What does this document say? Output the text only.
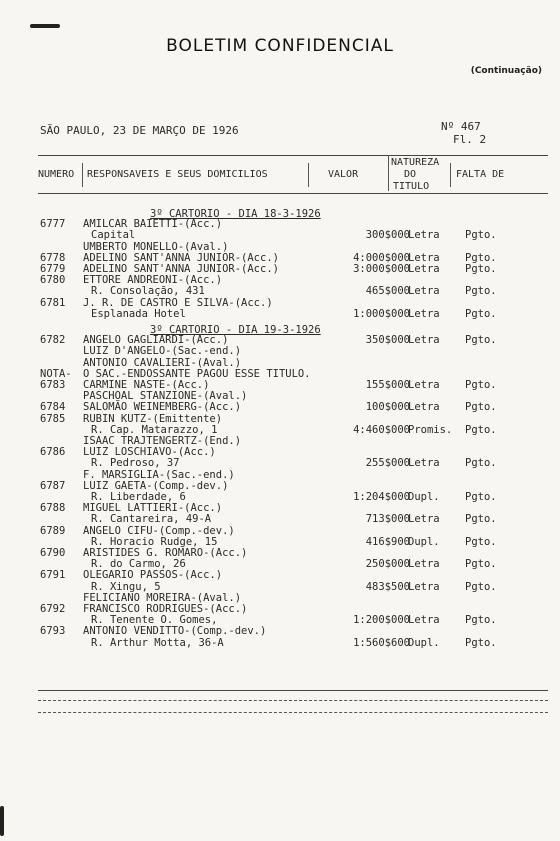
BOLETIM CONFIDENCIAL
(Continuação)
SÃO PAULO, 23 DE MARÇO DE 1926	Nº 467
Fl. 2
NUMERO RESPONSAVEIS E SEUS DOMICILIOS	VALOR
NATUREZA
DO
TITULO
FALTA DE
3º CARTORIO - DIA 18-3-1926
6777 AMILCAR BAIETTI-(Acc.)
Capital	300$000
Letra Pgto.
UMBERTO MONELLO-(Aval.)
6778 ADELINO SANT'ANNA JUNIOR-(Acc.)	4:000$000
Letra Pgto.
6779 ADELINO SANT'ANNA JUNIOR-(Acc.)	3:000$000
Letra Pgto.
6780 ETTORE ANDREONI-(Acc.)
R. Consolação, 431	465$000
Letra Pgto.
6781 J. R. DE CASTRO E SILVA-(Acc.)
Esplanada Hotel	1:000$000
Letra Pgto.
3º CARTORIO - DIA 19-3-1926
6782 ANGELO GAGLIARDI-(Acc.)	350$000
Letra Pgto.
LUIZ D'ANGELO-(Sac.-end.)
ANTONIO CAVALIERI-(Aval.)
NOTA- O SAC.-ENDOSSANTE PAGOU ESSE TITULO.
6783 CARMINE NASTE-(Acc.)	155$000
Letra Pgto.
PASCHOAL STANZIONE-(Aval.)
6784 SALOMÃO WEINEMBERG-(Acc.)	100$000
Letra Pgto.
6785 RUBIN KUTZ-(Emittente)
R. Cap. Matarazzo, 1	4:460$000
Promis. Pgto.
ISAAC TRAJTENGERTZ-(End.)
6786 LUIZ LOSCHIAVO-(Acc.)
R. Pedroso, 37	255$000
Letra Pgto.
F. MARSIGLIA-(Sac.-end.)
6787 LUIZ GAETA-(Comp.-dev.)
R. Liberdade, 6	1:204$000
Dupl. Pgto.
6788 MIGUEL LATTIERI-(Acc.)
R. Cantareira, 49-A	713$000
Letra Pgto.
6789 ANGELO CIFU-(Comp.-dev.)
R. Horacio Rudge, 15	416$900
Dupl. Pgto.
6790 ARISTIDES G. ROMARO-(Acc.)
R. do Carmo, 26	250$000
Letra Pgto.
6791 OLEGARIO PASSOS-(Acc.)
R. Xingu, 5	483$500
Letra Pgto.
FELICIANO MOREIRA-(Aval.)
6792 FRANCISCO RODRIGUES-(Acc.)
R. Tenente O. Gomes,	1:200$000
Letra Pgto.
6793 ANTONIO VENDITTO-(Comp.-dev.)
R. Arthur Motta, 36-A	1:560$600
Dupl. Pgto.
